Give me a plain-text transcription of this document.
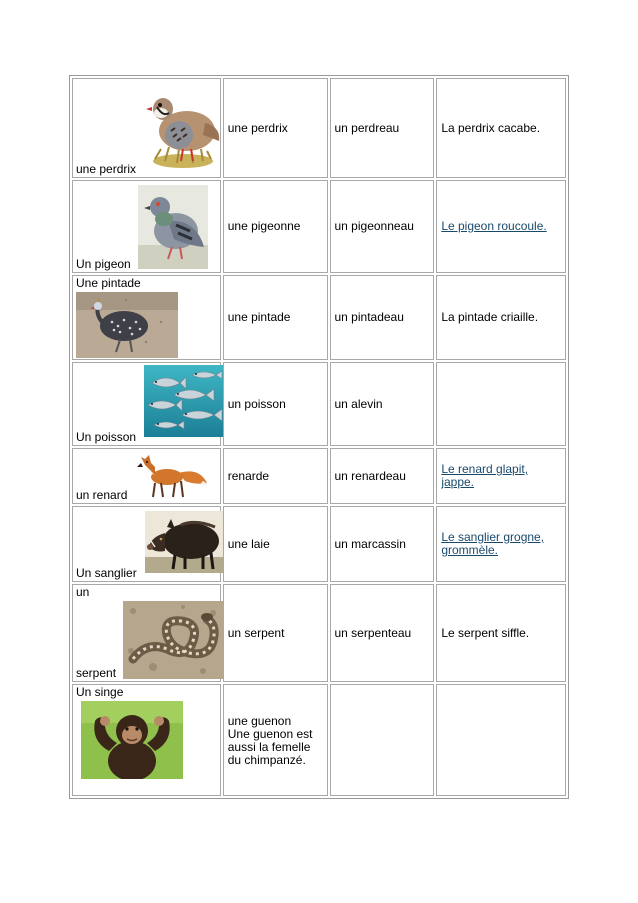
une perdrix	une perdrix	un perdreau	La perdrix cacabe.

Un pigeon	une pigeonne	un pigeonneau	Le pigeon roucoule.

Une pintade	une pintade	un pintadeau	La pintade criaille.

Un poisson	un poisson	un alevin	

un renard	renarde	un renardeau	Le renard glapit, jappe.

Un sanglier	une laie	un marcassin	Le sanglier grogne, grommèle.

un
serpent	un serpent	un serpenteau	Le serpent siffle.

Un singe	une guenon
Une guenon est aussi la femelle du chimpanzé.		
